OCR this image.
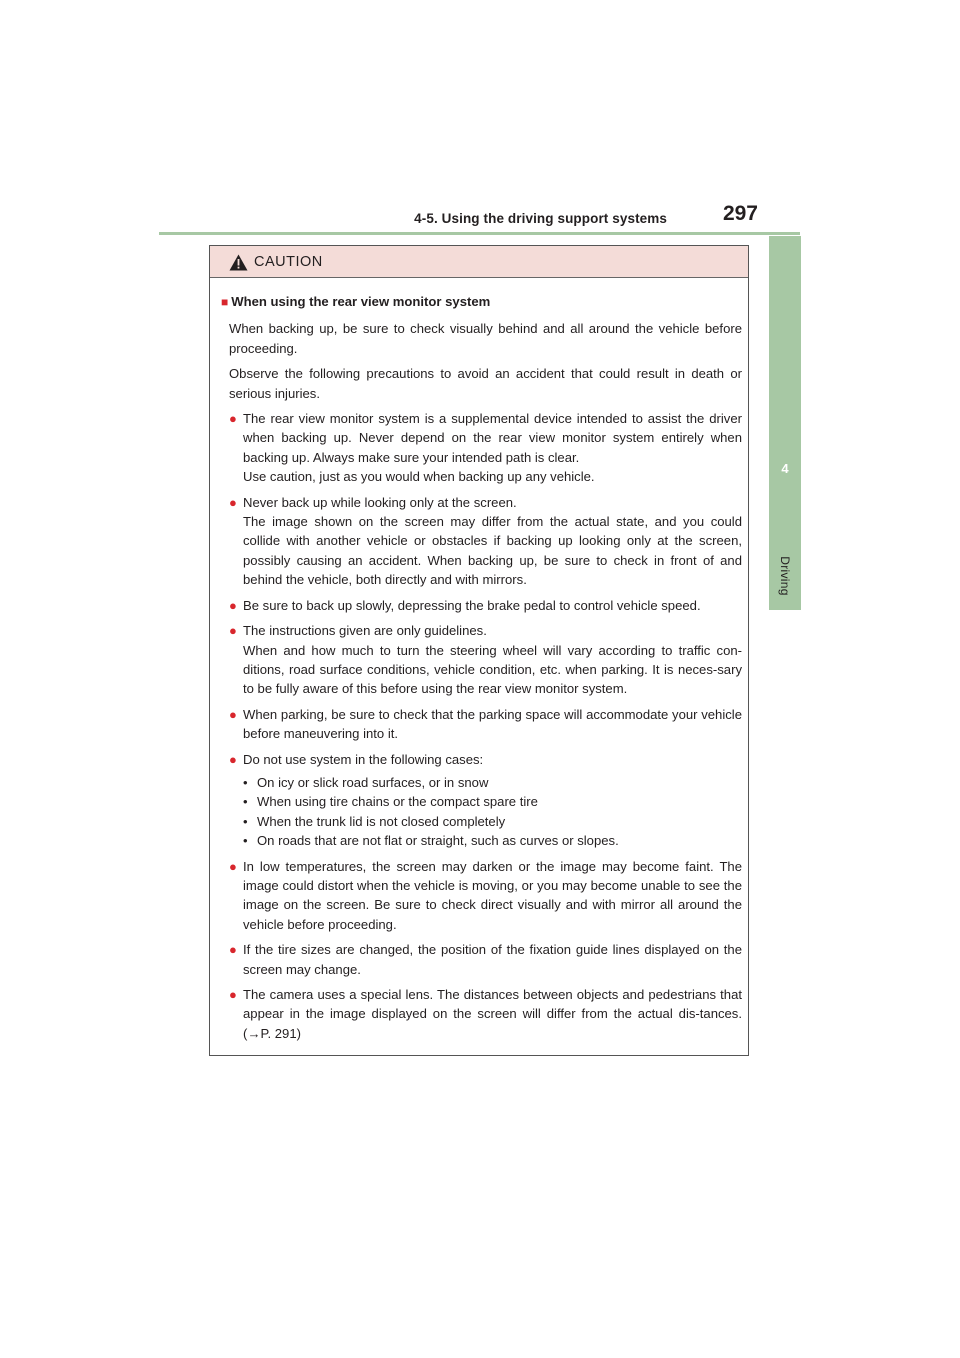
4-5. Using the driving support systems	297
4
Driving
CAUTION

■ When using the rear view monitor system

When backing up, be sure to check visually behind and all around the vehicle before proceeding.

Observe the following precautions to avoid an accident that could result in death or serious injuries.

● The rear view monitor system is a supplemental device intended to assist the driver when backing up. Never depend on the rear view monitor system entirely when backing up. Always make sure your intended path is clear.

Use caution, just as you would when backing up any vehicle.

● Never back up while looking only at the screen.

The image shown on the screen may differ from the actual state, and you could collide with another vehicle or obstacles if backing up looking only at the screen, possibly causing an accident. When backing up, be sure to check in front of and behind the vehicle, both directly and with mirrors.

● Be sure to back up slowly, depressing the brake pedal to control vehicle speed.

● The instructions given are only guidelines.

When and how much to turn the steering wheel will vary according to traffic con-ditions, road surface conditions, vehicle condition, etc. when parking. It is neces-sary to be fully aware of this before using the rear view monitor system.

● When parking, be sure to check that the parking space will accommodate your vehicle before maneuvering into it.

● Do not use system in the following cases:

• On icy or slick road surfaces, or in snow
• When using tire chains or the compact spare tire
• When the trunk lid is not closed completely
• On roads that are not flat or straight, such as curves or slopes.
● In low temperatures, the screen may darken or the image may become faint. The image could distort when the vehicle is moving, or you may become unable to see the image on the screen. Be sure to check direct visually and with mirror all around the vehicle before proceeding.

● If the tire sizes are changed, the position of the fixation guide lines displayed on the screen may change.

● The camera uses a special lens. The distances between objects and pedestrians that appear in the image displayed on the screen will differ from the actual dis-tances. (→P. 291)
